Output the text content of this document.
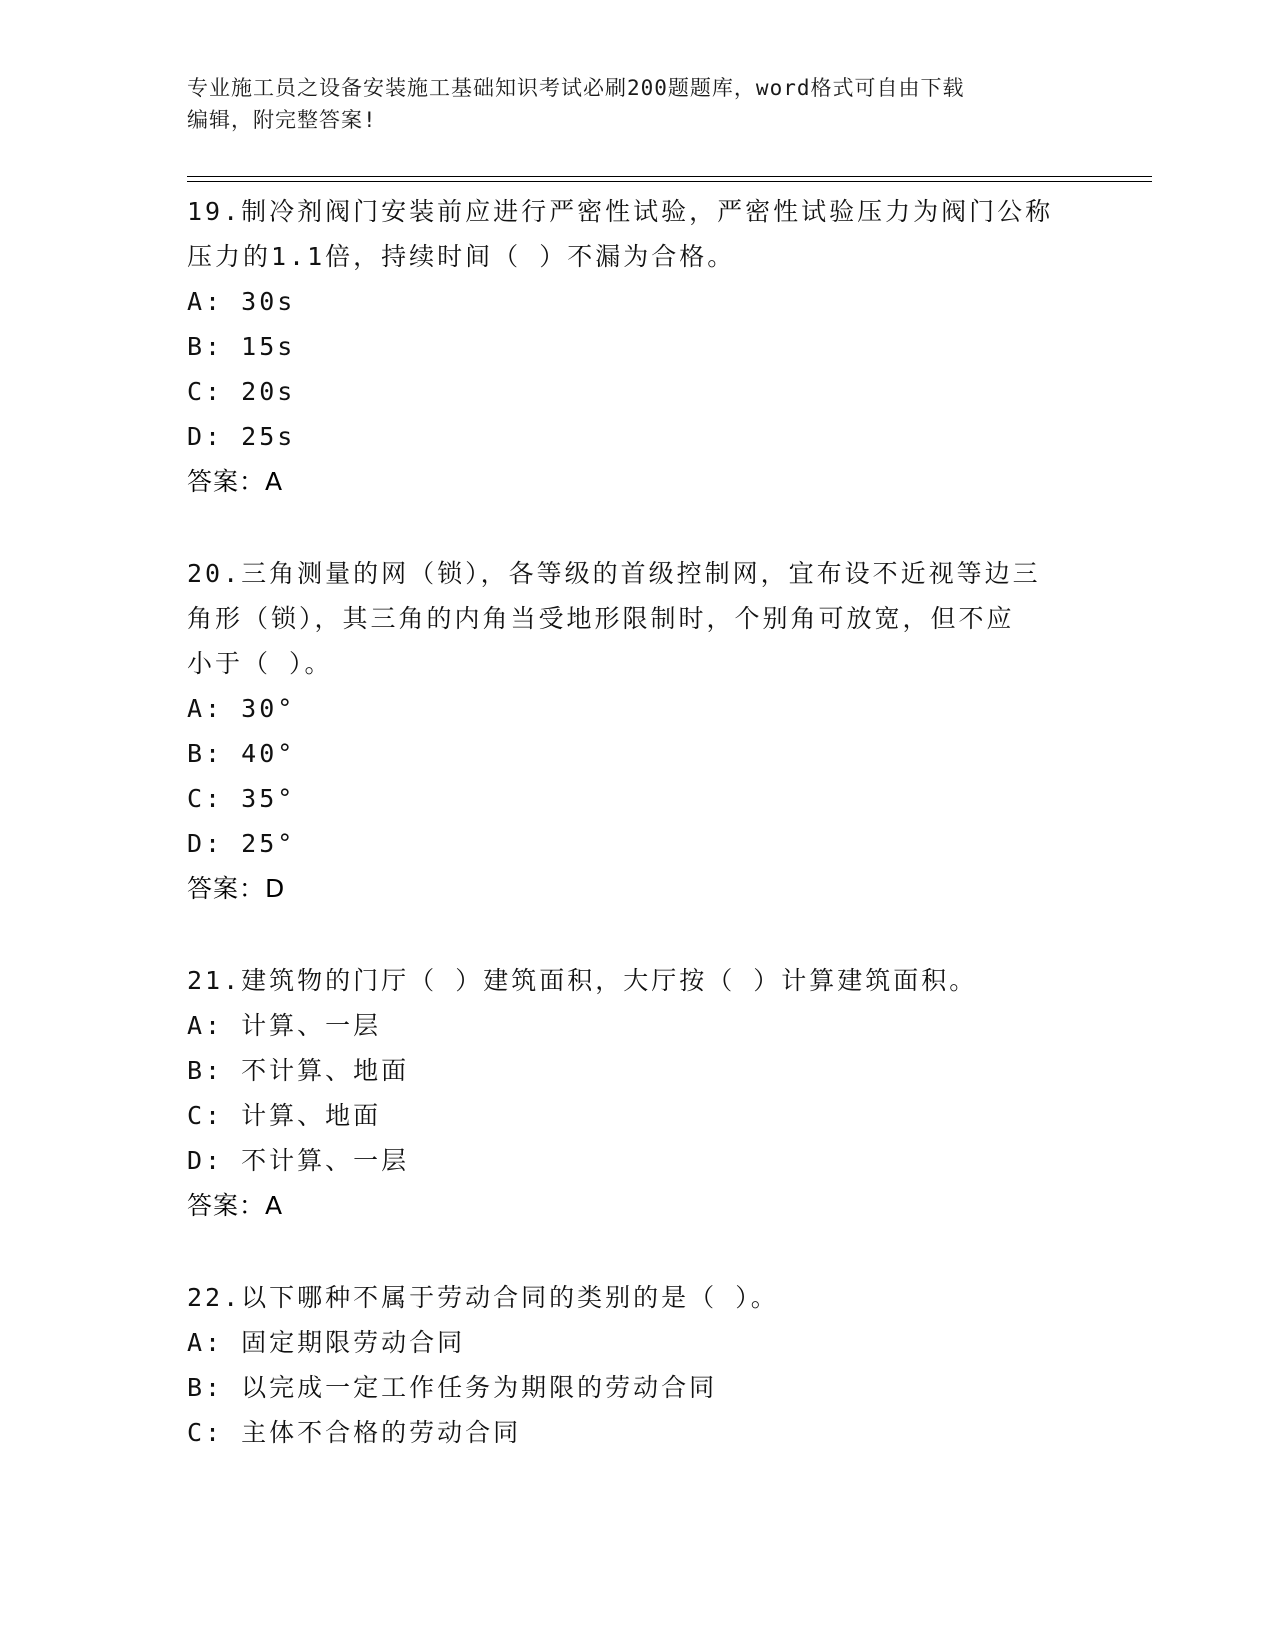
专业施工员之设备安装施工基础知识考试必刷200题题库，word格式可自由下载
编辑，附完整答案!

19.制冷剂阀门安装前应进行严密性试验，严密性试验压力为阀门公称

压力的1.1倍，持续时间（ ）不漏为合格。

A: 30s

B: 15s

C: 20s

D: 25s

答案：A

20.三角测量的网（锁），各等级的首级控制网，宜布设不近视等边三

角形（锁），其三角的内角当受地形限制时，个别角可放宽，但不应

小于（ ）。

A: 30°

B: 40°

C: 35°

D: 25°

答案：D

21.建筑物的门厅（ ）建筑面积，大厅按（ ）计算建筑面积。

A: 计算、一层

B: 不计算、地面

C: 计算、地面

D: 不计算、一层

答案：A

22.以下哪种不属于劳动合同的类别的是（ ）。

A: 固定期限劳动合同

B: 以完成一定工作任务为期限的劳动合同

C: 主体不合格的劳动合同
